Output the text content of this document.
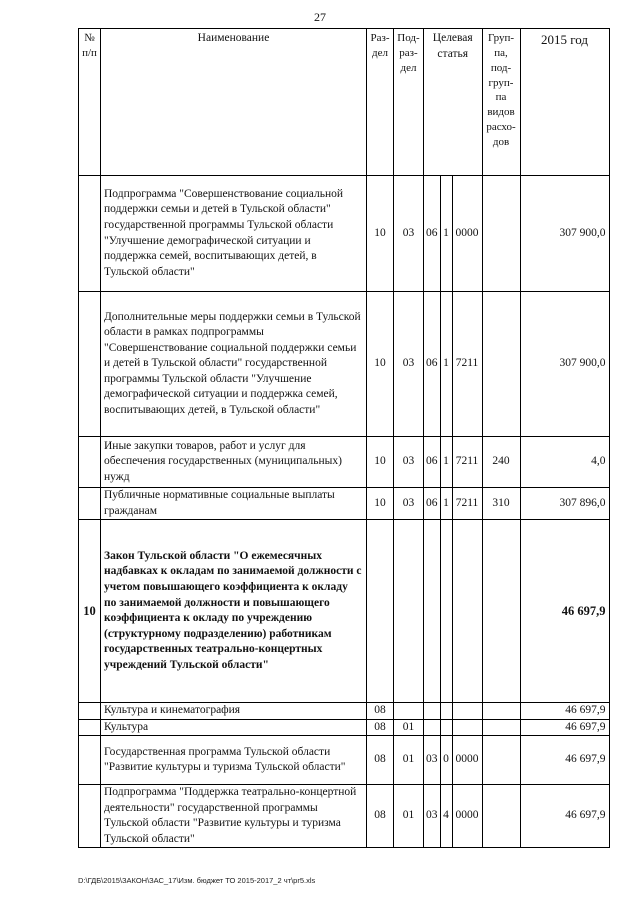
27
№ п/п	Наименование	Раз-дел	Под-раз-дел	Целевая статья			Груп-па, под-груп-па видов расхо-дов	2015 год
	Подпрограмма "Совершенствование социальной поддержки семьи и детей в Тульской области" государственной программы Тульской области "Улучшение демографической ситуации и поддержка семей, воспитывающих детей, в Тульской области"	10	03	06	1	0000		307 900,0
	Дополнительные меры поддержки семьи в Тульской области в рамках подпрограммы "Совершенствование социальной поддержки семьи и детей в Тульской области" государственной программы Тульской области "Улучшение демографической ситуации и поддержка семей, воспитывающих детей, в Тульской области"	10	03	06	1	7211		307 900,0
	Иные закупки товаров, работ и услуг для обеспечения государственных (муниципальных) нужд	10	03	06	1	7211	240	4,0
	Публичные нормативные социальные выплаты гражданам	10	03	06	1	7211	310	307 896,0
10	Закон Тульской области "О ежемесячных надбавках к окладам по занимаемой должности с учетом повышающего коэффициента к окладу по занимаемой должности и повышающего коэффициента к окладу по учреждению (структурному подразделению) работникам государственных театрально-концертных учреждений Тульской области"							46 697,9
	Культура и кинематография	08						46 697,9
	Культура	08	01					46 697,9
	Государственная программа Тульской области "Развитие культуры и туризма Тульской области"	08	01	03	0	0000		46 697,9
	Подпрограмма "Поддержка театрально-концертной деятельности" государственной программы Тульской области "Развитие культуры и туризма Тульской области"	08	01	03	4	0000		46 697,9
D:\ГДБ\2015\ЗАКОН\ЗАС_17\Изм. бюджет ТО 2015-2017_2 чт\pr5.xls
